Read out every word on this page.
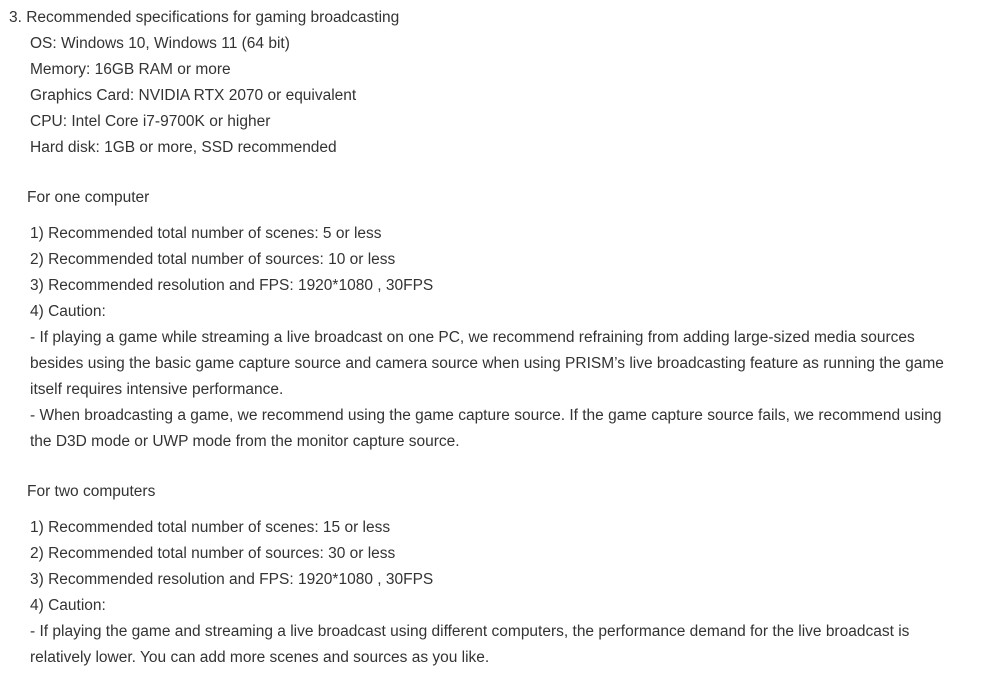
3. Recommended specifications for gaming broadcasting
OS: Windows 10, Windows 11 (64 bit)
Memory: 16GB RAM or more
Graphics Card: NVIDIA RTX 2070 or equivalent
CPU: Intel Core i7-9700K or higher
Hard disk: 1GB or more, SSD recommended
For one computer
1) Recommended total number of scenes: 5 or less
2) Recommended total number of sources: 10 or less
3) Recommended resolution and FPS: 1920*1080 , 30FPS
4) Caution:
- If playing a game while streaming a live broadcast on one PC, we recommend refraining from adding large-sized media sources besides using the basic game capture source and camera source when using PRISM’s live broadcasting feature as running the game itself requires intensive performance.
- When broadcasting a game, we recommend using the game capture source. If the game capture source fails, we recommend using the D3D mode or UWP mode from the monitor capture source.
For two computers
1) Recommended total number of scenes: 15 or less
2) Recommended total number of sources: 30 or less
3) Recommended resolution and FPS: 1920*1080 , 30FPS
4) Caution:
- If playing the game and streaming a live broadcast using different computers, the performance demand for the live broadcast is relatively lower. You can add more scenes and sources as you like.
